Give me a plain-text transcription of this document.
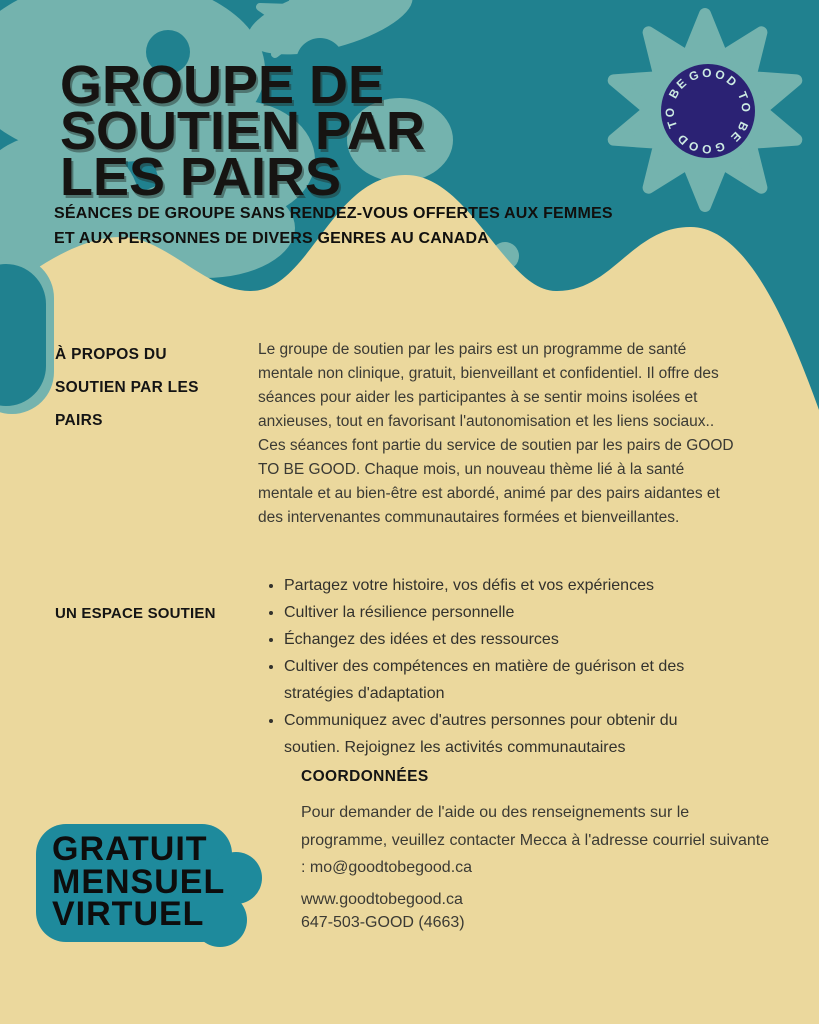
GOOD TO BE GOOD TO BE
GROUPE DE
SOUTIEN PAR
LES PAIRS
SÉANCES DE GROUPE SANS RENDEZ-VOUS OFFERTES AUX FEMMES
ET AUX PERSONNES DE DIVERS GENRES AU CANADA
À PROPOS DU SOUTIEN PAR LES PAIRS

Le groupe de soutien par les pairs est un programme de santé mentale non clinique, gratuit, bienveillant et confidentiel. Il offre des séances pour aider les participantes à se sentir moins isolées et anxieuses, tout en favorisant l'autonomisation et les liens sociaux.. Ces séances font partie du service de soutien par les pairs de GOOD TO BE GOOD. Chaque mois, un nouveau thème lié à la santé mentale et au bien-être est abordé, animé par des pairs aidantes et des intervenantes communautaires formées et bienveillantes.

UN ESPACE SOUTIEN
• Partagez votre histoire, vos défis et vos expériences
• Cultiver la résilience personnelle
• Échangez des idées et des ressources
• Cultiver des compétences en matière de guérison et des stratégies d'adaptation
• Communiquez avec d'autres personnes pour obtenir du soutien. Rejoignez les activités communautaires
COORDONNÉES

Pour demander de l'aide ou des renseignements sur le programme, veuillez contacter Mecca à l'adresse courriel suivante : mo@goodtobegood.ca

www.goodtobegood.ca
647-503-GOOD (4663)
GRATUIT
MENSUEL
VIRTUEL
